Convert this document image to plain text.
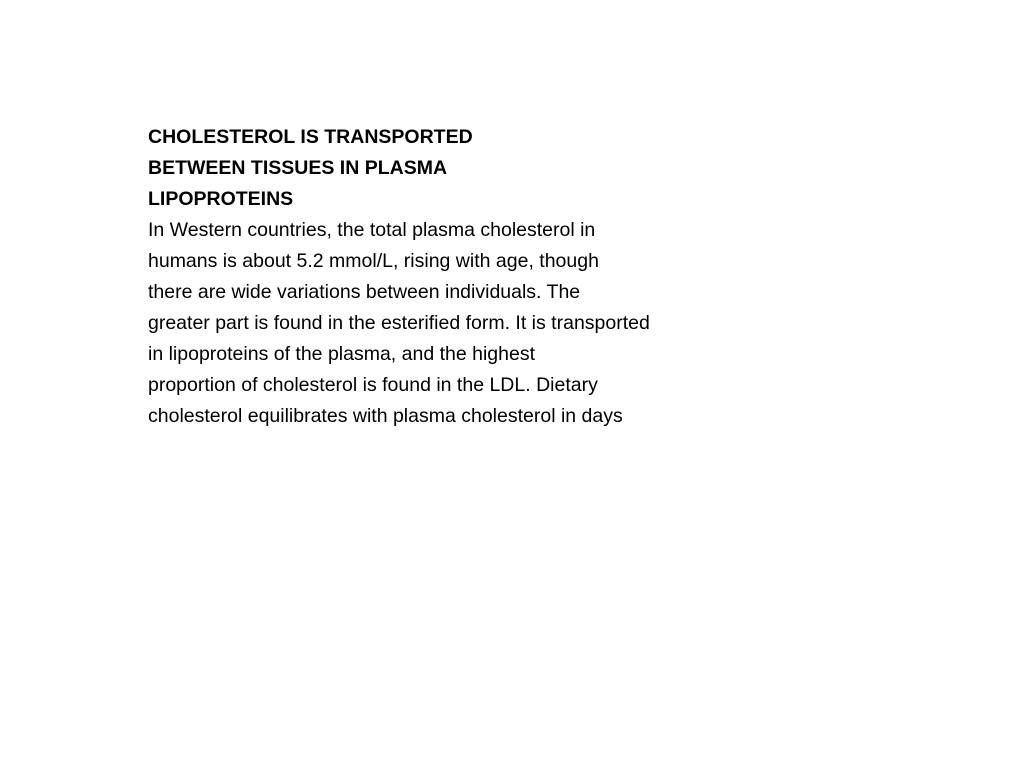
CHOLESTEROL IS TRANSPORTED
BETWEEN TISSUES IN PLASMA
LIPOPROTEINS
In Western countries, the total plasma cholesterol in
humans is about 5.2 mmol/L, rising with age, though
there are wide variations between individuals. The
greater part is found in the esterified form. It is transported
in lipoproteins of the plasma, and the highest
proportion of cholesterol is found in the LDL. Dietary
cholesterol equilibrates with plasma cholesterol in days
